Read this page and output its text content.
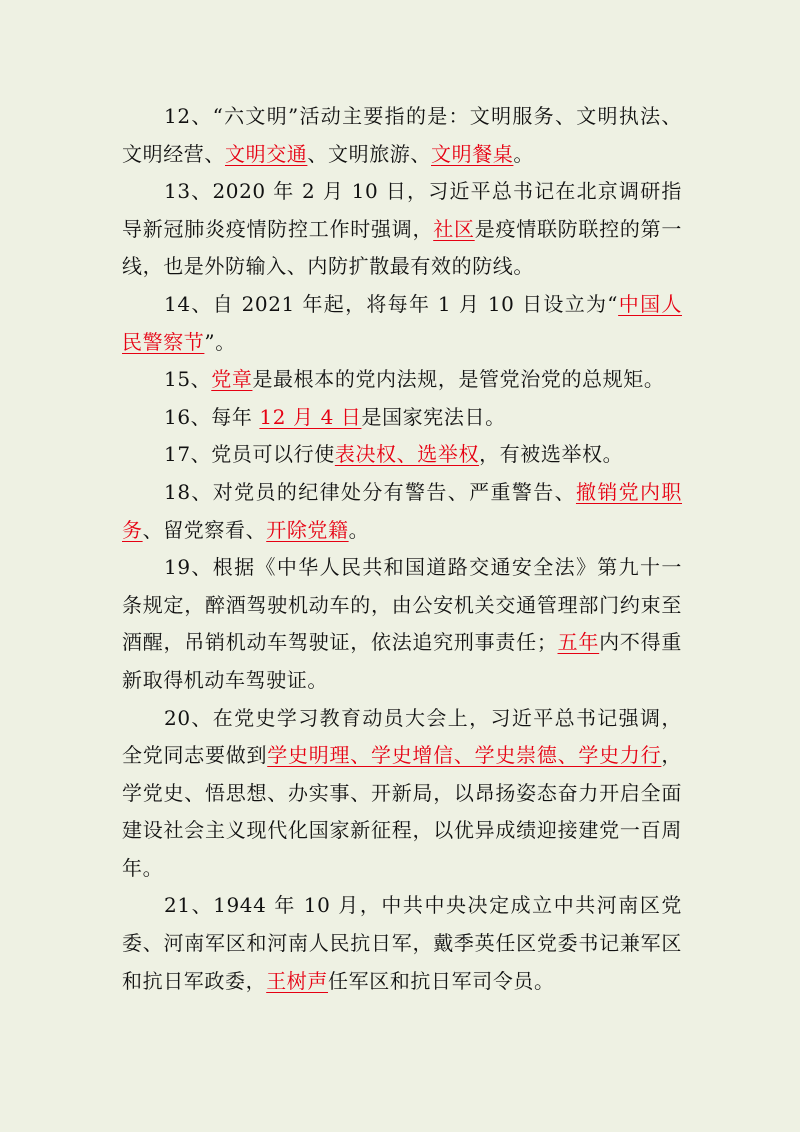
12、“六文明”活动主要指的是：文明服务、文明执法、文明经营、文明交通、文明旅游、文明餐桌。

13、2020 年 2 月 10 日，习近平总书记在北京调研指导新冠肺炎疫情防控工作时强调，社区是疫情联防联控的第一线，也是外防输入、内防扩散最有效的防线。

14、自 2021 年起，将每年 1 月 10 日设立为“中国人民警察节”。

15、党章是最根本的党内法规，是管党治党的总规矩。

16、每年 12 月 4 日是国家宪法日。

17、党员可以行使表决权、选举权，有被选举权。

18、对党员的纪律处分有警告、严重警告、撤销党内职务、留党察看、开除党籍。

19、根据《中华人民共和国道路交通安全法》第九十一条规定，醉酒驾驶机动车的，由公安机关交通管理部门约束至酒醒，吊销机动车驾驶证，依法追究刑事责任；五年内不得重新取得机动车驾驶证。

20、在党史学习教育动员大会上，习近平总书记强调，全党同志要做到学史明理、学史增信、学史崇德、学史力行，学党史、悟思想、办实事、开新局，以昂扬姿态奋力开启全面建设社会主义现代化国家新征程，以优异成绩迎接建党一百周年。

21、1944 年 10 月，中共中央决定成立中共河南区党委、河南军区和河南人民抗日军，戴季英任区党委书记兼军区和抗日军政委，王树声任军区和抗日军司令员。
